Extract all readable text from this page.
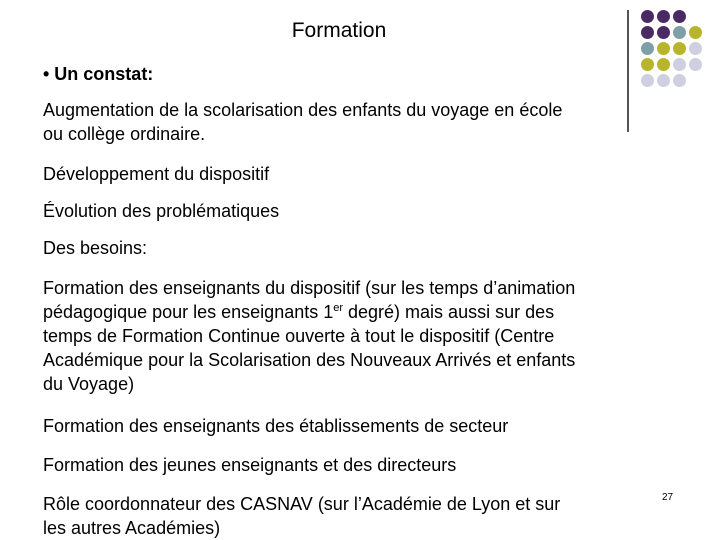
Formation
• Un constat:
Augmentation de la scolarisation des enfants du voyage en école
ou collège ordinaire.
Développement du dispositif
Évolution des problématiques
Des besoins:
Formation des enseignants du dispositif (sur les temps d’animation
pédagogique pour les enseignants 1er degré) mais aussi sur des
temps de Formation Continue ouverte à tout le dispositif (Centre
Académique pour la Scolarisation des Nouveaux Arrivés et enfants
du Voyage)
Formation des enseignants des établissements de secteur
Formation des jeunes enseignants et des directeurs
Rôle coordonnateur des CASNAV (sur l’Académie de Lyon et sur
les autres Académies)
27
